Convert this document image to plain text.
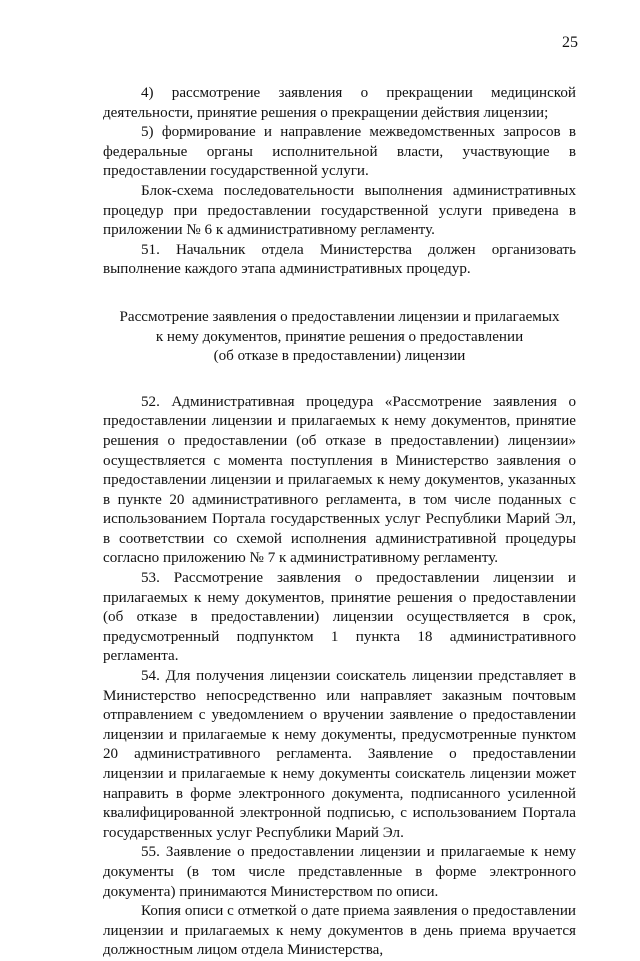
25

4) рассмотрение заявления о прекращении медицинской деятельности, принятие решения о прекращении действия лицензии;

5) формирование и направление межведомственных запросов в федеральные органы исполнительной власти, участвующие в предоставлении государственной услуги.

Блок-схема последовательности выполнения административных процедур при предоставлении государственной услуги приведена в приложении № 6 к административному регламенту.

51. Начальник отдела Министерства должен организовать выполнение каждого этапа административных процедур.

Рассмотрение заявления о предоставлении лицензии и прилагаемых
к нему документов, принятие решения о предоставлении
(об отказе в предоставлении) лицензии

52. Административная процедура «Рассмотрение заявления о предоставлении лицензии и прилагаемых к нему документов, принятие решения о предоставлении (об отказе в предоставлении) лицензии» осуществляется с момента поступления в Министерство заявления о предоставлении лицензии и прилагаемых к нему документов, указанных в пункте 20 административного регламента, в том числе поданных с использованием Портала государственных услуг Республики Марий Эл, в соответствии со схемой исполнения административной процедуры согласно приложению № 7 к административному регламенту.

53. Рассмотрение заявления о предоставлении лицензии и прилагаемых к нему документов, принятие решения о предоставлении (об отказе в предоставлении) лицензии осуществляется в срок, предусмотренный подпунктом 1 пункта 18 административного регламента.

54. Для получения лицензии соискатель лицензии представляет в Министерство непосредственно или направляет заказным почтовым отправлением с уведомлением о вручении заявление о предоставлении лицензии и прилагаемые к нему документы, предусмотренные пунктом 20 административного регламента. Заявление о предоставлении лицензии и прилагаемые к нему документы соискатель лицензии может направить в форме электронного документа, подписанного усиленной квалифицированной электронной подписью, с использованием Портала государственных услуг Республики Марий Эл.

55. Заявление о предоставлении лицензии и прилагаемые к нему документы (в том числе представленные в форме электронного документа) принимаются Министерством по описи.

Копия описи с отметкой о дате приема заявления о предоставлении лицензии и прилагаемых к нему документов в день приема вручается должностным лицом отдела Министерства,
